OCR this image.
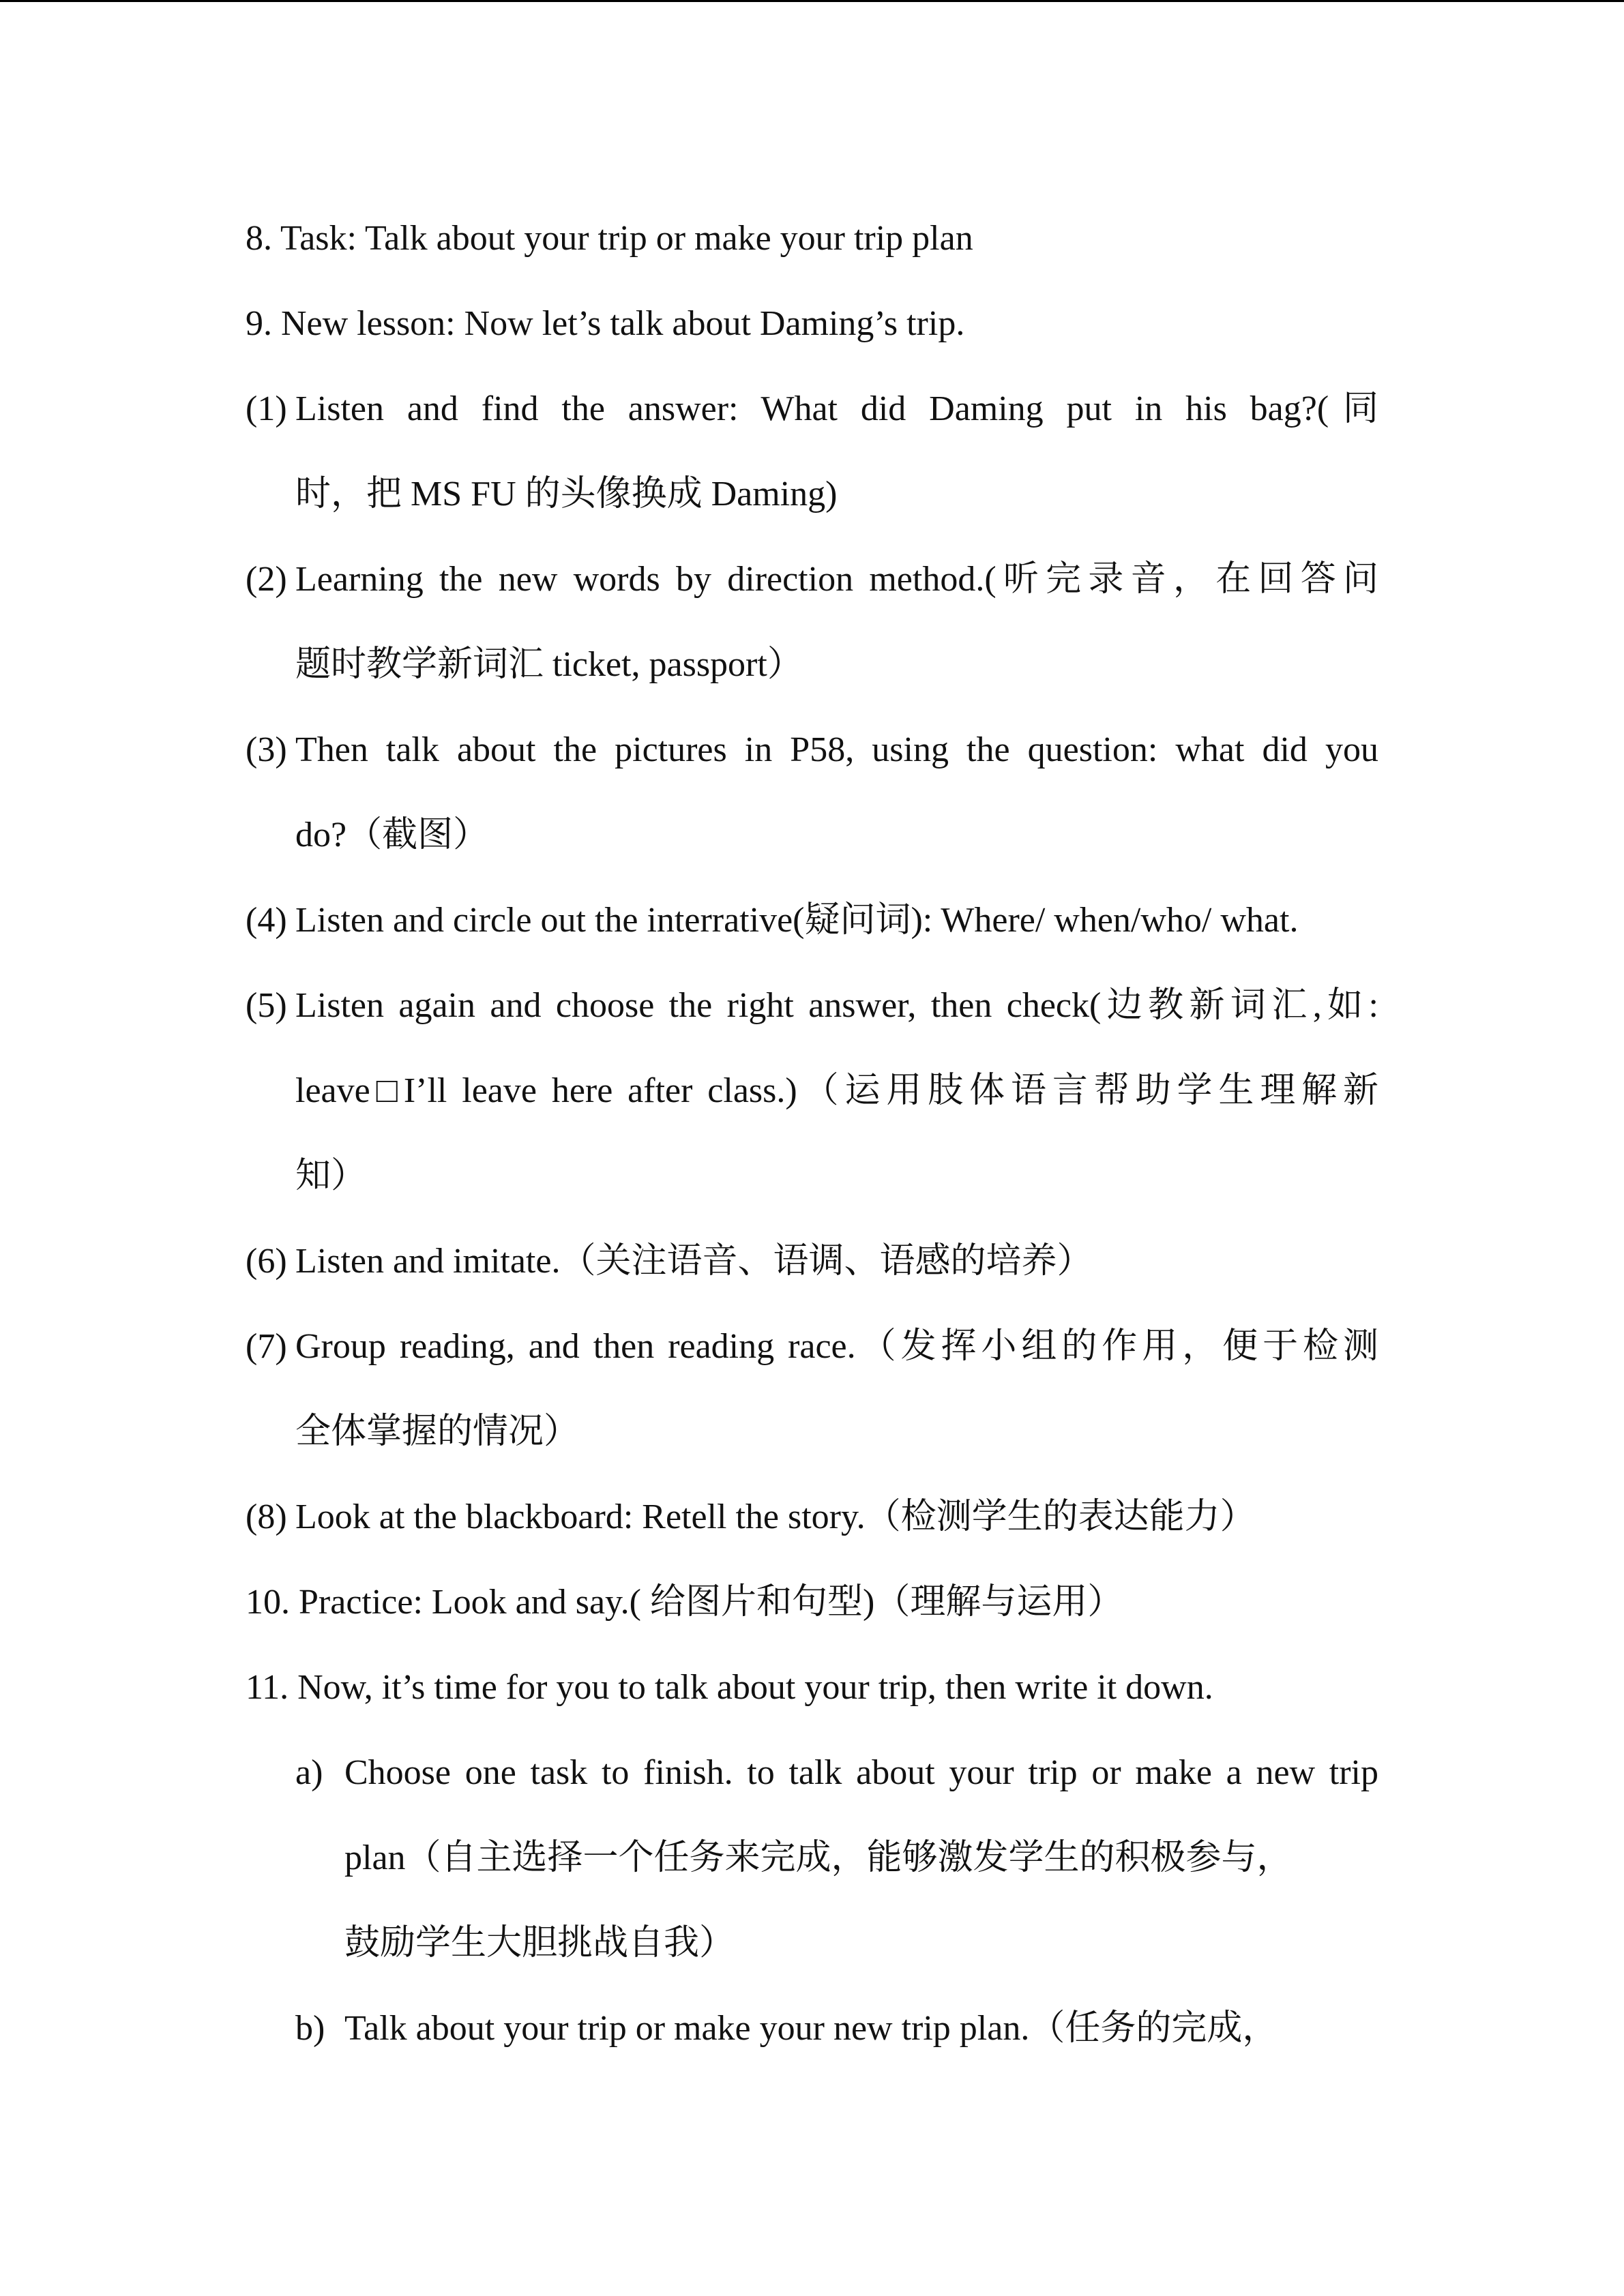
8. Task: Talk about your trip or make your trip plan
9. New lesson: Now let’s talk about Daming’s trip.
(1) Listen and find the answer: What did Daming put in his bag?(同
时，把 MS FU 的头像换成 Daming)
(2) Learning the new words by direction method.(听完录音，在回答问
题时教学新词汇 ticket, passport）
(3) Then talk about the pictures in P58, using the question: what did you
do?（截图）
(4) Listen and circle out the interrative(疑问词): Where/ when/who/ what.
(5) Listen again and choose the right answer, then check(边教新词汇,如:
leave□I’ll leave here after class.)（运用肢体语言帮助学生理解新
知）
(6) Listen and imitate.（关注语音、语调、语感的培养）
(7) Group reading, and then reading race.（发挥小组的作用，便于检测
全体掌握的情况）
(8) Look at the blackboard: Retell the story.（检测学生的表达能力）
10. Practice: Look and say.( 给图片和句型)（理解与运用）
11. Now, it’s time for you to talk about your trip, then write it down.
a) Choose one task to finish. to talk about your trip or make a new trip
plan（自主选择一个任务来完成，能够激发学生的积极参与，
鼓励学生大胆挑战自我）
b) Talk about your trip or make your new trip plan.（任务的完成，
